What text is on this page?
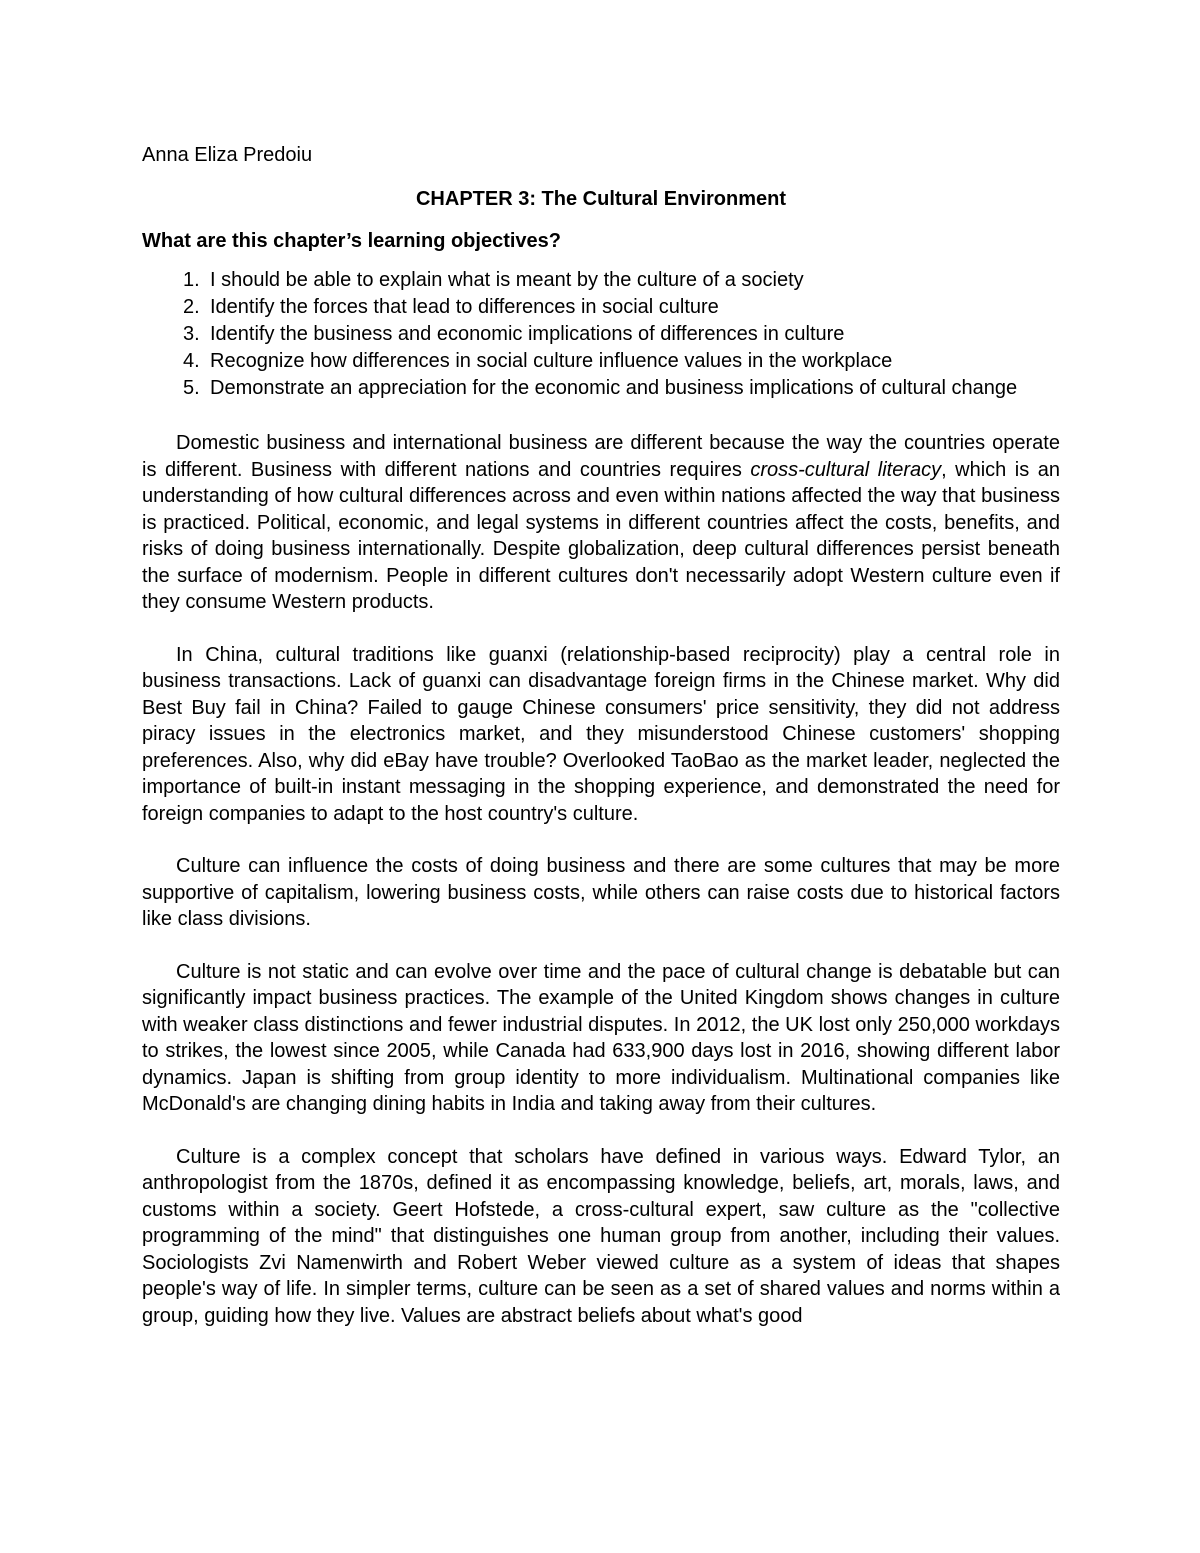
Anna Eliza Predoiu

CHAPTER 3: The Cultural Environment

What are this chapter’s learning objectives?

1. I should be able to explain what is meant by the culture of a society
2. Identify the forces that lead to differences in social culture
3. Identify the business and economic implications of differences in culture
4. Recognize how differences in social culture influence values in the workplace
5. Demonstrate an appreciation for the economic and business implications of cultural change

Domestic business and international business are different because the way the countries operate is different. Business with different nations and countries requires cross-cultural literacy, which is an understanding of how cultural differences across and even within nations affected the way that business is practiced. Political, economic, and legal systems in different countries affect the costs, benefits, and risks of doing business internationally. Despite globalization, deep cultural differences persist beneath the surface of modernism. People in different cultures don't necessarily adopt Western culture even if they consume Western products.

In China, cultural traditions like guanxi (relationship-based reciprocity) play a central role in business transactions. Lack of guanxi can disadvantage foreign firms in the Chinese market. Why did Best Buy fail in China? Failed to gauge Chinese consumers' price sensitivity, they did not address piracy issues in the electronics market, and they misunderstood Chinese customers' shopping preferences. Also, why did eBay have trouble? Overlooked TaoBao as the market leader, neglected the importance of built-in instant messaging in the shopping experience, and demonstrated the need for foreign companies to adapt to the host country's culture.

Culture can influence the costs of doing business and there are some cultures that may be more supportive of capitalism, lowering business costs, while others can raise costs due to historical factors like class divisions.

Culture is not static and can evolve over time and the pace of cultural change is debatable but can significantly impact business practices. The example of the United Kingdom shows changes in culture with weaker class distinctions and fewer industrial disputes. In 2012, the UK lost only 250,000 workdays to strikes, the lowest since 2005, while Canada had 633,900 days lost in 2016, showing different labor dynamics. Japan is shifting from group identity to more individualism. Multinational companies like McDonald's are changing dining habits in India and taking away from their cultures.

Culture is a complex concept that scholars have defined in various ways. Edward Tylor, an anthropologist from the 1870s, defined it as encompassing knowledge, beliefs, art, morals, laws, and customs within a society. Geert Hofstede, a cross-cultural expert, saw culture as the "collective programming of the mind" that distinguishes one human group from another, including their values. Sociologists Zvi Namenwirth and Robert Weber viewed culture as a system of ideas that shapes people's way of life. In simpler terms, culture can be seen as a set of shared values and norms within a group, guiding how they live. Values are abstract beliefs about what's good
